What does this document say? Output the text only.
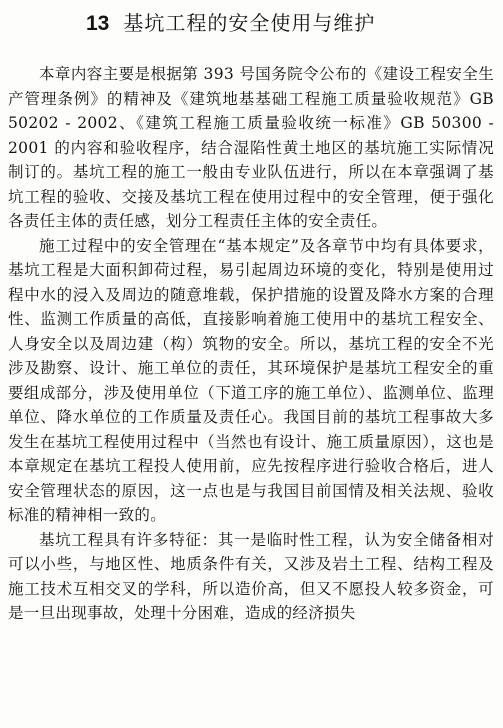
13 基坑工程的安全使用与维护

本章内容主要是根据第 393 号国务院令公布的《建设工程安全生产管理条例》的精神及《建筑地基基础工程施工质量验收规范》GB 50202 - 2002、《建筑工程施工质量验收统一标准》GB 50300 - 2001 的内容和验收程序，结合湿陷性黄土地区的基坑施工实际情况制订的。基坑工程的施工一般由专业队伍进行，所以在本章强调了基坑工程的验收、交接及基坑工程在使用过程中的安全管理，便于强化各责任主体的责任感，划分工程责任主体的安全责任。

施工过程中的安全管理在“基本规定”及各章节中均有具体要求，基坑工程是大面积卸荷过程，易引起周边环境的变化，特别是使用过程中水的浸入及周边的随意堆载，保护措施的设置及降水方案的合理性、监测工作质量的高低，直接影响着施工使用中的基坑工程安全、人身安全以及周边建（构）筑物的安全。所以，基坑工程的安全不光涉及勘察、设计、施工单位的责任，其环境保护是基坑工程安全的重要组成部分，涉及使用单位（下道工序的施工单位）、监测单位、监理单位、降水单位的工作质量及责任心。我国目前的基坑工程事故大多发生在基坑工程使用过程中（当然也有设计、施工质量原因），这也是本章规定在基坑工程投人使用前，应先按程序进行验收合格后，进人安全管理状态的原因，这一点也是与我国目前国情及相关法规、验收标准的精神相一致的。

基坑工程具有许多特征：其一是临时性工程，认为安全储备相对可以小些，与地区性、地质条件有关，又涉及岩土工程、结构工程及施工技术互相交叉的学科，所以造价高，但又不愿投人较多资金，可是一旦出现事故，处理十分困难，造成的经济损失
